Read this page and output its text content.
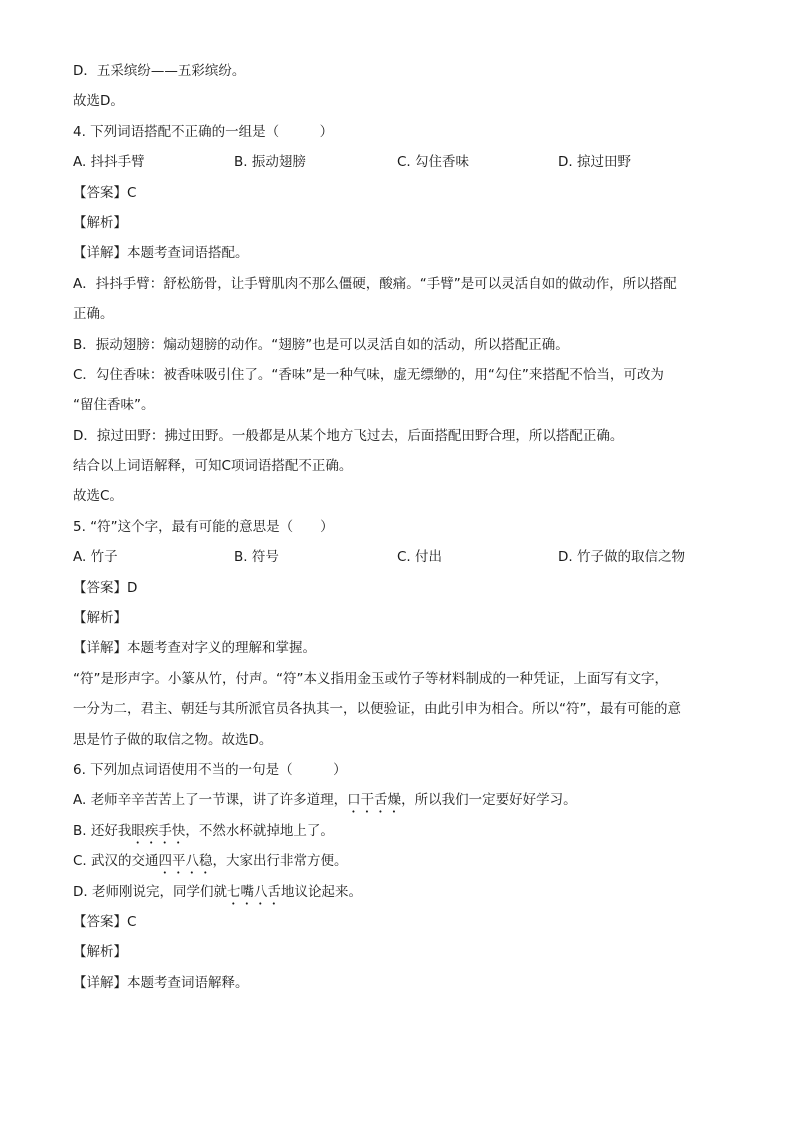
D．五采缤纷——五彩缤纷。
故选D。
4. 下列词语搭配不正确的一组是（　　　）
A. 抖抖手臂	B. 振动翅膀	C. 勾住香味	D. 掠过田野
【答案】C
【解析】
【详解】本题考查词语搭配。
A．抖抖手臂：舒松筋骨，让手臂肌肉不那么僵硬，酸痛。“手臂”是可以灵活自如的做动作，所以搭配
正确。
B．振动翅膀：煽动翅膀的动作。“翅膀”也是可以灵活自如的活动，所以搭配正确。
C．勾住香味：被香味吸引住了。“香味”是一种气味，虚无缥缈的，用“勾住”来搭配不恰当，可改为
“留住香味”。
D．掠过田野：拂过田野。一般都是从某个地方飞过去，后面搭配田野合理，所以搭配正确。
结合以上词语解释，可知C项词语搭配不正确。
故选C。
5. “符”这个字，最有可能的意思是（　　）
A. 竹子	B. 符号	C. 付出	D. 竹子做的取信之物
【答案】D
【解析】
【详解】本题考查对字义的理解和掌握。
“符”是形声字。小篆从竹，付声。“符”本义指用金玉或竹子等材料制成的一种凭证，上面写有文字，
一分为二，君主、朝廷与其所派官员各执其一，以便验证，由此引申为相合。所以“符”，最有可能的意
思是竹子做的取信之物。故选D。
6. 下列加点词语使用不当的一句是（　　　）
A. 老师辛辛苦苦上了一节课，讲了许多道理，口干舌燥，所以我们一定要好好学习。
B. 还好我眼疾手快，不然水杯就掉地上了。
C. 武汉的交通四平八稳，大家出行非常方便。
D. 老师刚说完，同学们就七嘴八舌地议论起来。
【答案】C
【解析】
【详解】本题考查词语解释。
